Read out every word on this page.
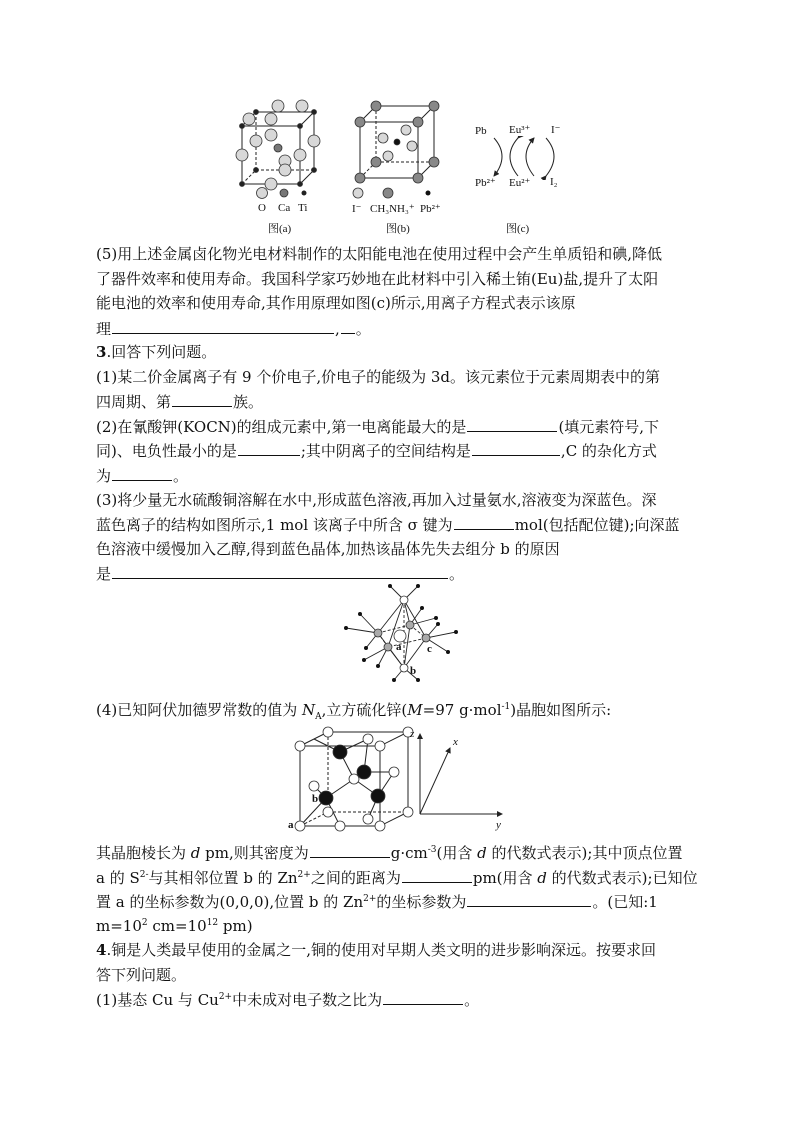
O Ca Ti
图(a)
I⁻ CH₃NH₃⁺ Pb²⁺
图(b)
Pb Eu³⁺ I⁻
Pb²⁺ Eu²⁺ I₂
图(c)
(5)用上述金属卤化物光电材料制作的太阳能电池在使用过程中会产生单质铅和碘,降低
了器件效率和使用寿命。我国科学家巧妙地在此材料中引入稀土铕(Eu)盐,提升了太阳
能电池的效率和使用寿命,其作用原理如图(c)所示,用离子方程式表示该原
理	, 。
3.回答下列问题。
(1)某二价金属离子有 9 个价电子,价电子的能级为 3d。该元素位于元素周期表中的第
四周期、第	族。
(2)在氰酸钾(KOCN)的组成元素中,第一电离能最大的是	(填元素符号,下
同)、电负性最小的是	;其中阴离子的空间结构是	,C 的杂化方式
为	。
(3)将少量无水硫酸铜溶解在水中,形成蓝色溶液,再加入过量氨水,溶液变为深蓝色。深
蓝色离子的结构如图所示,1 mol 该离子中所含 σ 键为	mol(包括配位键);向深蓝
色溶液中缓慢加入乙醇,得到蓝色晶体,加热该晶体先失去组分 b 的原因
是	。
a
b
c
(4)已知阿伏加德罗常数的值为 $N_A$,立方硫化锌(M=97 g·mol$^{-1}$)晶胞如图所示:
a
b
x
y
z
其晶胞棱长为 d pm,则其密度为	$g\cdot cm^{-3}$(用含 d 的代数式表示);其中顶点位置
a 的 $S^{2-}$与其相邻位置 b 的 $Zn^{2+}$之间的距离为	pm(用含 d 的代数式表示);已知位
置 a 的坐标参数为(0,0,0),位置 b 的 $Zn^{2+}$的坐标参数为	。(已知:1
$m=10^2$ $cm=10^{12}$ pm)
4.铜是人类最早使用的金属之一,铜的使用对早期人类文明的进步影响深远。按要求回
答下列问题。
(1)基态 Cu 与 $Cu^{2+}$中未成对电子数之比为	。
